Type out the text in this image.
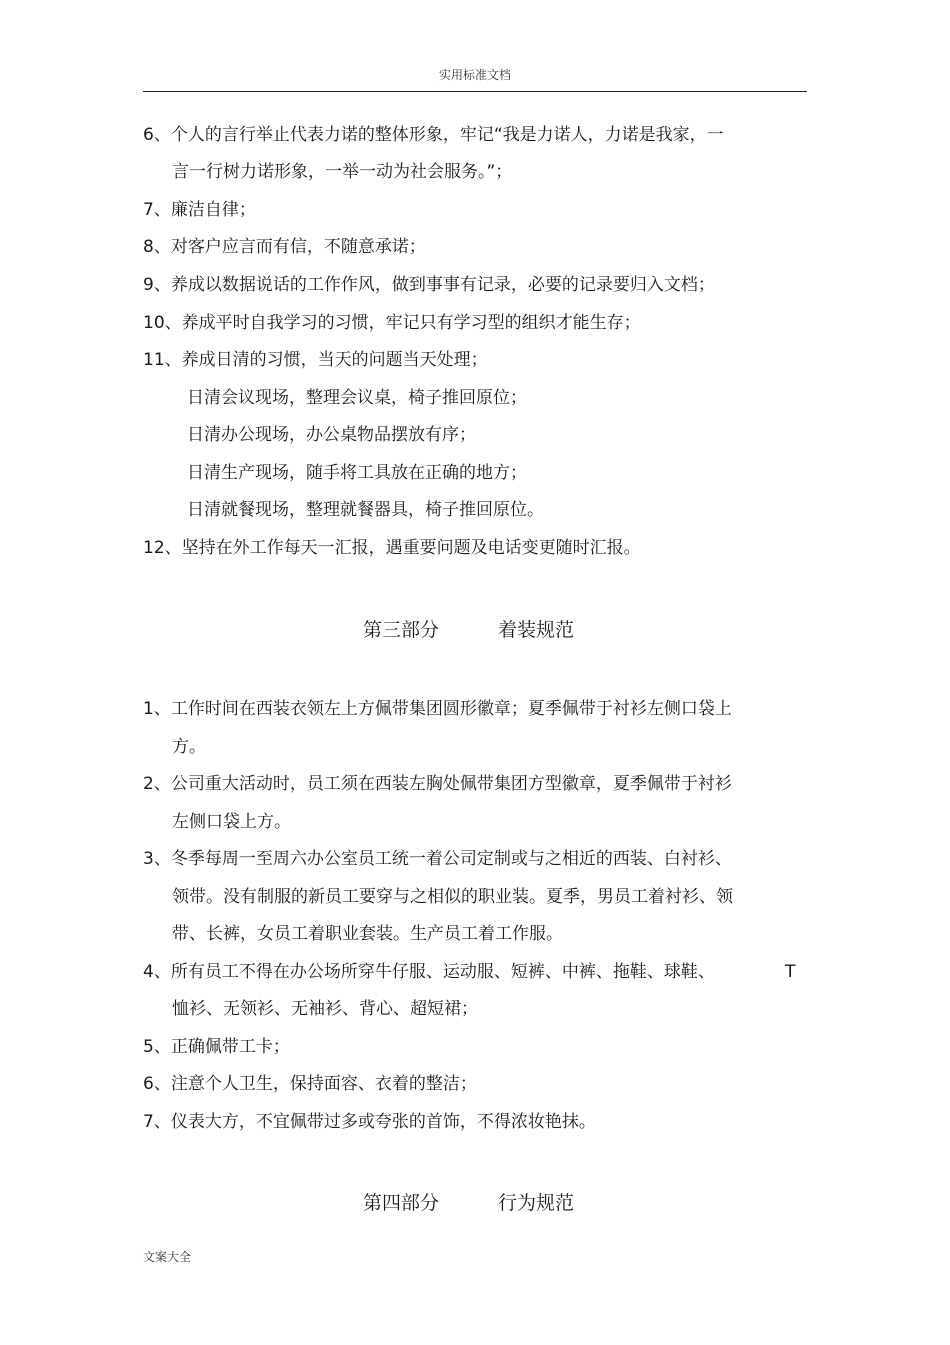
实用标准文档
6、个人的言行举止代表力诺的整体形象，牢记“我是力诺人，力诺是我家，一
言一行树力诺形象，一举一动为社会服务。”；
7、廉洁自律；
8、对客户应言而有信，不随意承诺；
9、养成以数据说话的工作作风，做到事事有记录，必要的记录要归入文档；
10、养成平时自我学习的习惯，牢记只有学习型的组织才能生存；
11、养成日清的习惯，当天的问题当天处理；
日清会议现场，整理会议桌，椅子推回原位；
日清办公现场，办公桌物品摆放有序；
日清生产现场，随手将工具放在正确的地方；
日清就餐现场，整理就餐器具，椅子推回原位。
12、坚持在外工作每天一汇报，遇重要问题及电话变更随时汇报。
第三部分	着装规范
1、工作时间在西装衣领左上方佩带集团圆形徽章；夏季佩带于衬衫左侧口袋上
方。
2、公司重大活动时，员工须在西装左胸处佩带集团方型徽章，夏季佩带于衬衫
左侧口袋上方。
3、冬季每周一至周六办公室员工统一着公司定制或与之相近的西装、白衬衫、
领带。没有制服的新员工要穿与之相似的职业装。夏季，男员工着衬衫、领
带、长裤，女员工着职业套装。生产员工着工作服。
4、所有员工不得在办公场所穿牛仔服、运动服、短裤、中裤、拖鞋、球鞋、	T
恤衫、无领衫、无袖衫、背心、超短裙；
5、正确佩带工卡；
6、注意个人卫生，保持面容、衣着的整洁；
7、仪表大方，不宜佩带过多或夸张的首饰，不得浓妆艳抹。
第四部分	行为规范
文案大全
